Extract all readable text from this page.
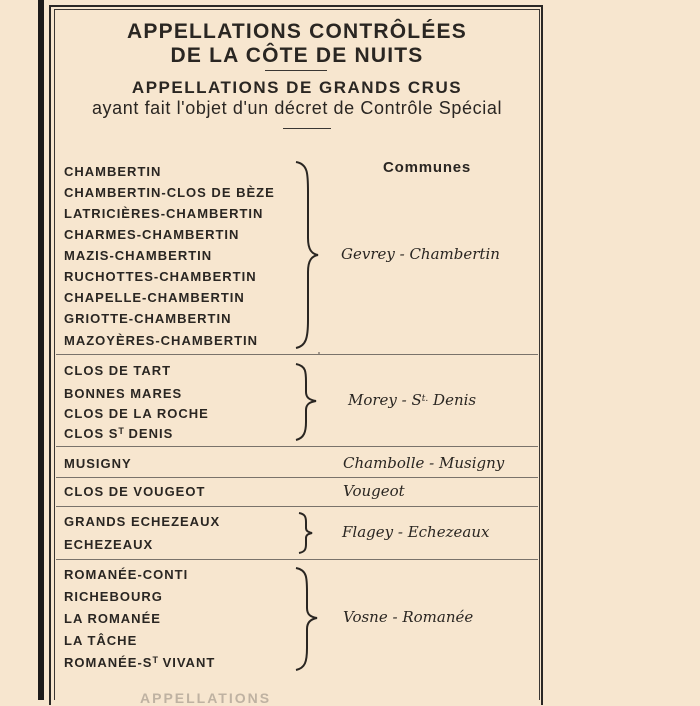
APPELLATIONS CONTRÔLÉES
DE LA CÔTE DE NUITS
APPELLATIONS DE GRANDS CRUS
ayant fait l'objet d'un décret de Contrôle Spécial
Communes
CHAMBERTIN
CHAMBERTIN-CLOS DE BÈZE
LATRICIÈRES-CHAMBERTIN
CHARMES-CHAMBERTIN
MAZIS-CHAMBERTIN
RUCHOTTES-CHAMBERTIN
CHAPELLE-CHAMBERTIN
GRIOTTE-CHAMBERTIN
MAZOYÈRES-CHAMBERTIN
Gevrey - Chambertin
CLOS DE TART
BONNES MARES
CLOS DE LA ROCHE
CLOS $S^T$ DENIS
Morey - $S^{t.}$ Denis
MUSIGNY	Chambolle - Musigny
CLOS DE VOUGEOT	Vougeot
GRANDS ECHEZEAUX
ECHEZEAUX
Flagey - Echezeaux
ROMANÉE-CONTI
RICHEBOURG
LA ROMANÉE
LA TÂCHE
ROMANÉE-$S^T$ VIVANT
Vosne - Romanée
APPELLATIONS
